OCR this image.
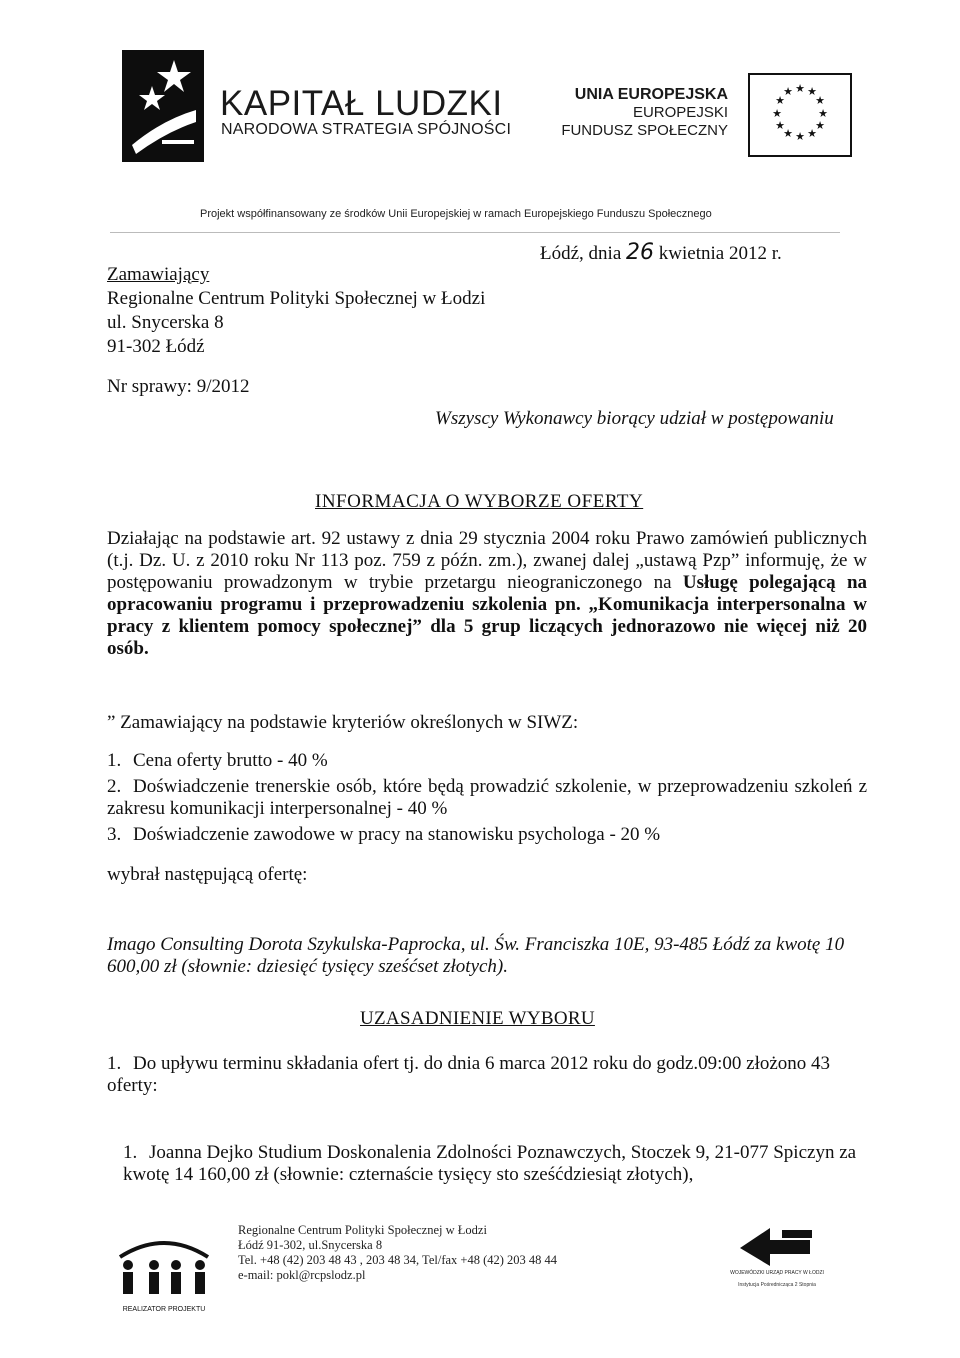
KAPITAŁ LUDZKI
NARODOWA STRATEGIA SPÓJNOŚCI
UNIA EUROPEJSKA
EUROPEJSKI
FUNDUSZ SPOŁECZNY
★ ★
★
★
★
★
★
★
★
★
★
★
Projekt współfinansowany ze środków Unii Europejskiej w ramach Europejskiego Funduszu Społecznego
Łódź, dnia 26 kwietnia 2012 r.
Zamawiający
Regionalne Centrum Polityki Społecznej w Łodzi
ul. Snycerska 8
91-302 Łódź
Nr sprawy: 9/2012
Wszyscy Wykonawcy biorący udział w postępowaniu
INFORMACJA O WYBORZE OFERTY
Działając na podstawie art. 92 ustawy z dnia 29 stycznia 2004 roku Prawo zamówień publicznych (t.j. Dz. U. z 2010 roku Nr 113 poz. 759 z późn. zm.), zwanej dalej „ustawą Pzp” informuję, że w postępowaniu prowadzonym w trybie przetargu nieograniczonego na Usługę polegającą na opracowaniu programu i przeprowadzeniu szkolenia pn. „Komunikacja interpersonalna w pracy z klientem pomocy społecznej” dla 5 grup liczących jednorazowo nie więcej niż 20 osób.
” Zamawiający na podstawie kryteriów określonych w SIWZ:
1. Cena oferty brutto - 40 %
2. Doświadczenie trenerskie osób, które będą prowadzić szkolenie, w przeprowadzeniu szkoleń z zakresu komunikacji interpersonalnej - 40 %
3. Doświadczenie zawodowe w pracy na stanowisku psychologa - 20 %
wybrał następującą ofertę:
Imago Consulting Dorota Szykulska-Paprocka, ul. Św. Franciszka 10E, 93-485 Łódź za kwotę 10 600,00 zł (słownie: dziesięć tysięcy sześćset złotych).
UZASADNIENIE WYBORU
1. Do upływu terminu składania ofert tj. do dnia 6 marca 2012 roku do godz.09:00 złożono 43 oferty:
1. Joanna Dejko Studium Doskonalenia Zdolności Poznawczych, Stoczek 9, 21-077 Spiczyn za kwotę 14 160,00 zł (słownie: czternaście tysięcy sto sześćdziesiąt złotych),
REALIZATOR PROJEKTU
Regionalne Centrum Polityki Społecznej w Łodzi
Łódź 91-302, ul.Snycerska 8
Tel. +48 (42) 203 48 43 , 203 48 34, Tel/fax +48 (42) 203 48 44
e-mail: pokl@rcpslodz.pl	WOJEWÓDZKI URZĄD PRACY W ŁODZI
Instytucja Pośrednicząca 2 Stopnia
